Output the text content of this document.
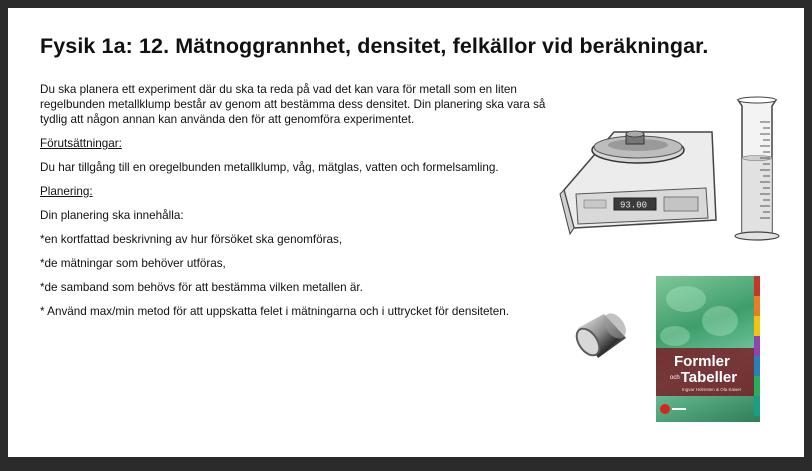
Fysik 1a: 12. Mätnoggrannhet, densitet, felkällor vid beräkningar.

Du ska planera ett experiment där du ska ta reda på vad det kan vara för metall som en liten regelbunden metallklump består av genom att bestämma dess densitet. Din planering ska vara så tydlig att någon annan kan använda den för att genomföra experimentet.

Förutsättningar:

Du har tillgång till en oregelbunden metallklump, våg, mätglas, vatten och formelsamling.

Planering:

Din planering ska innehålla:

*en kortfattad beskrivning av hur försöket ska genomföras,

*de mätningar som behöver utföras,

*de samband som behövs för att bestämma vilken metallen är.

* Använd max/min metod för att uppskatta felet i mätningarna och i uttrycket för densiteten.

93.00
Formler
ochTabeller
Ingvar Holmsten & Ola Kaiser
